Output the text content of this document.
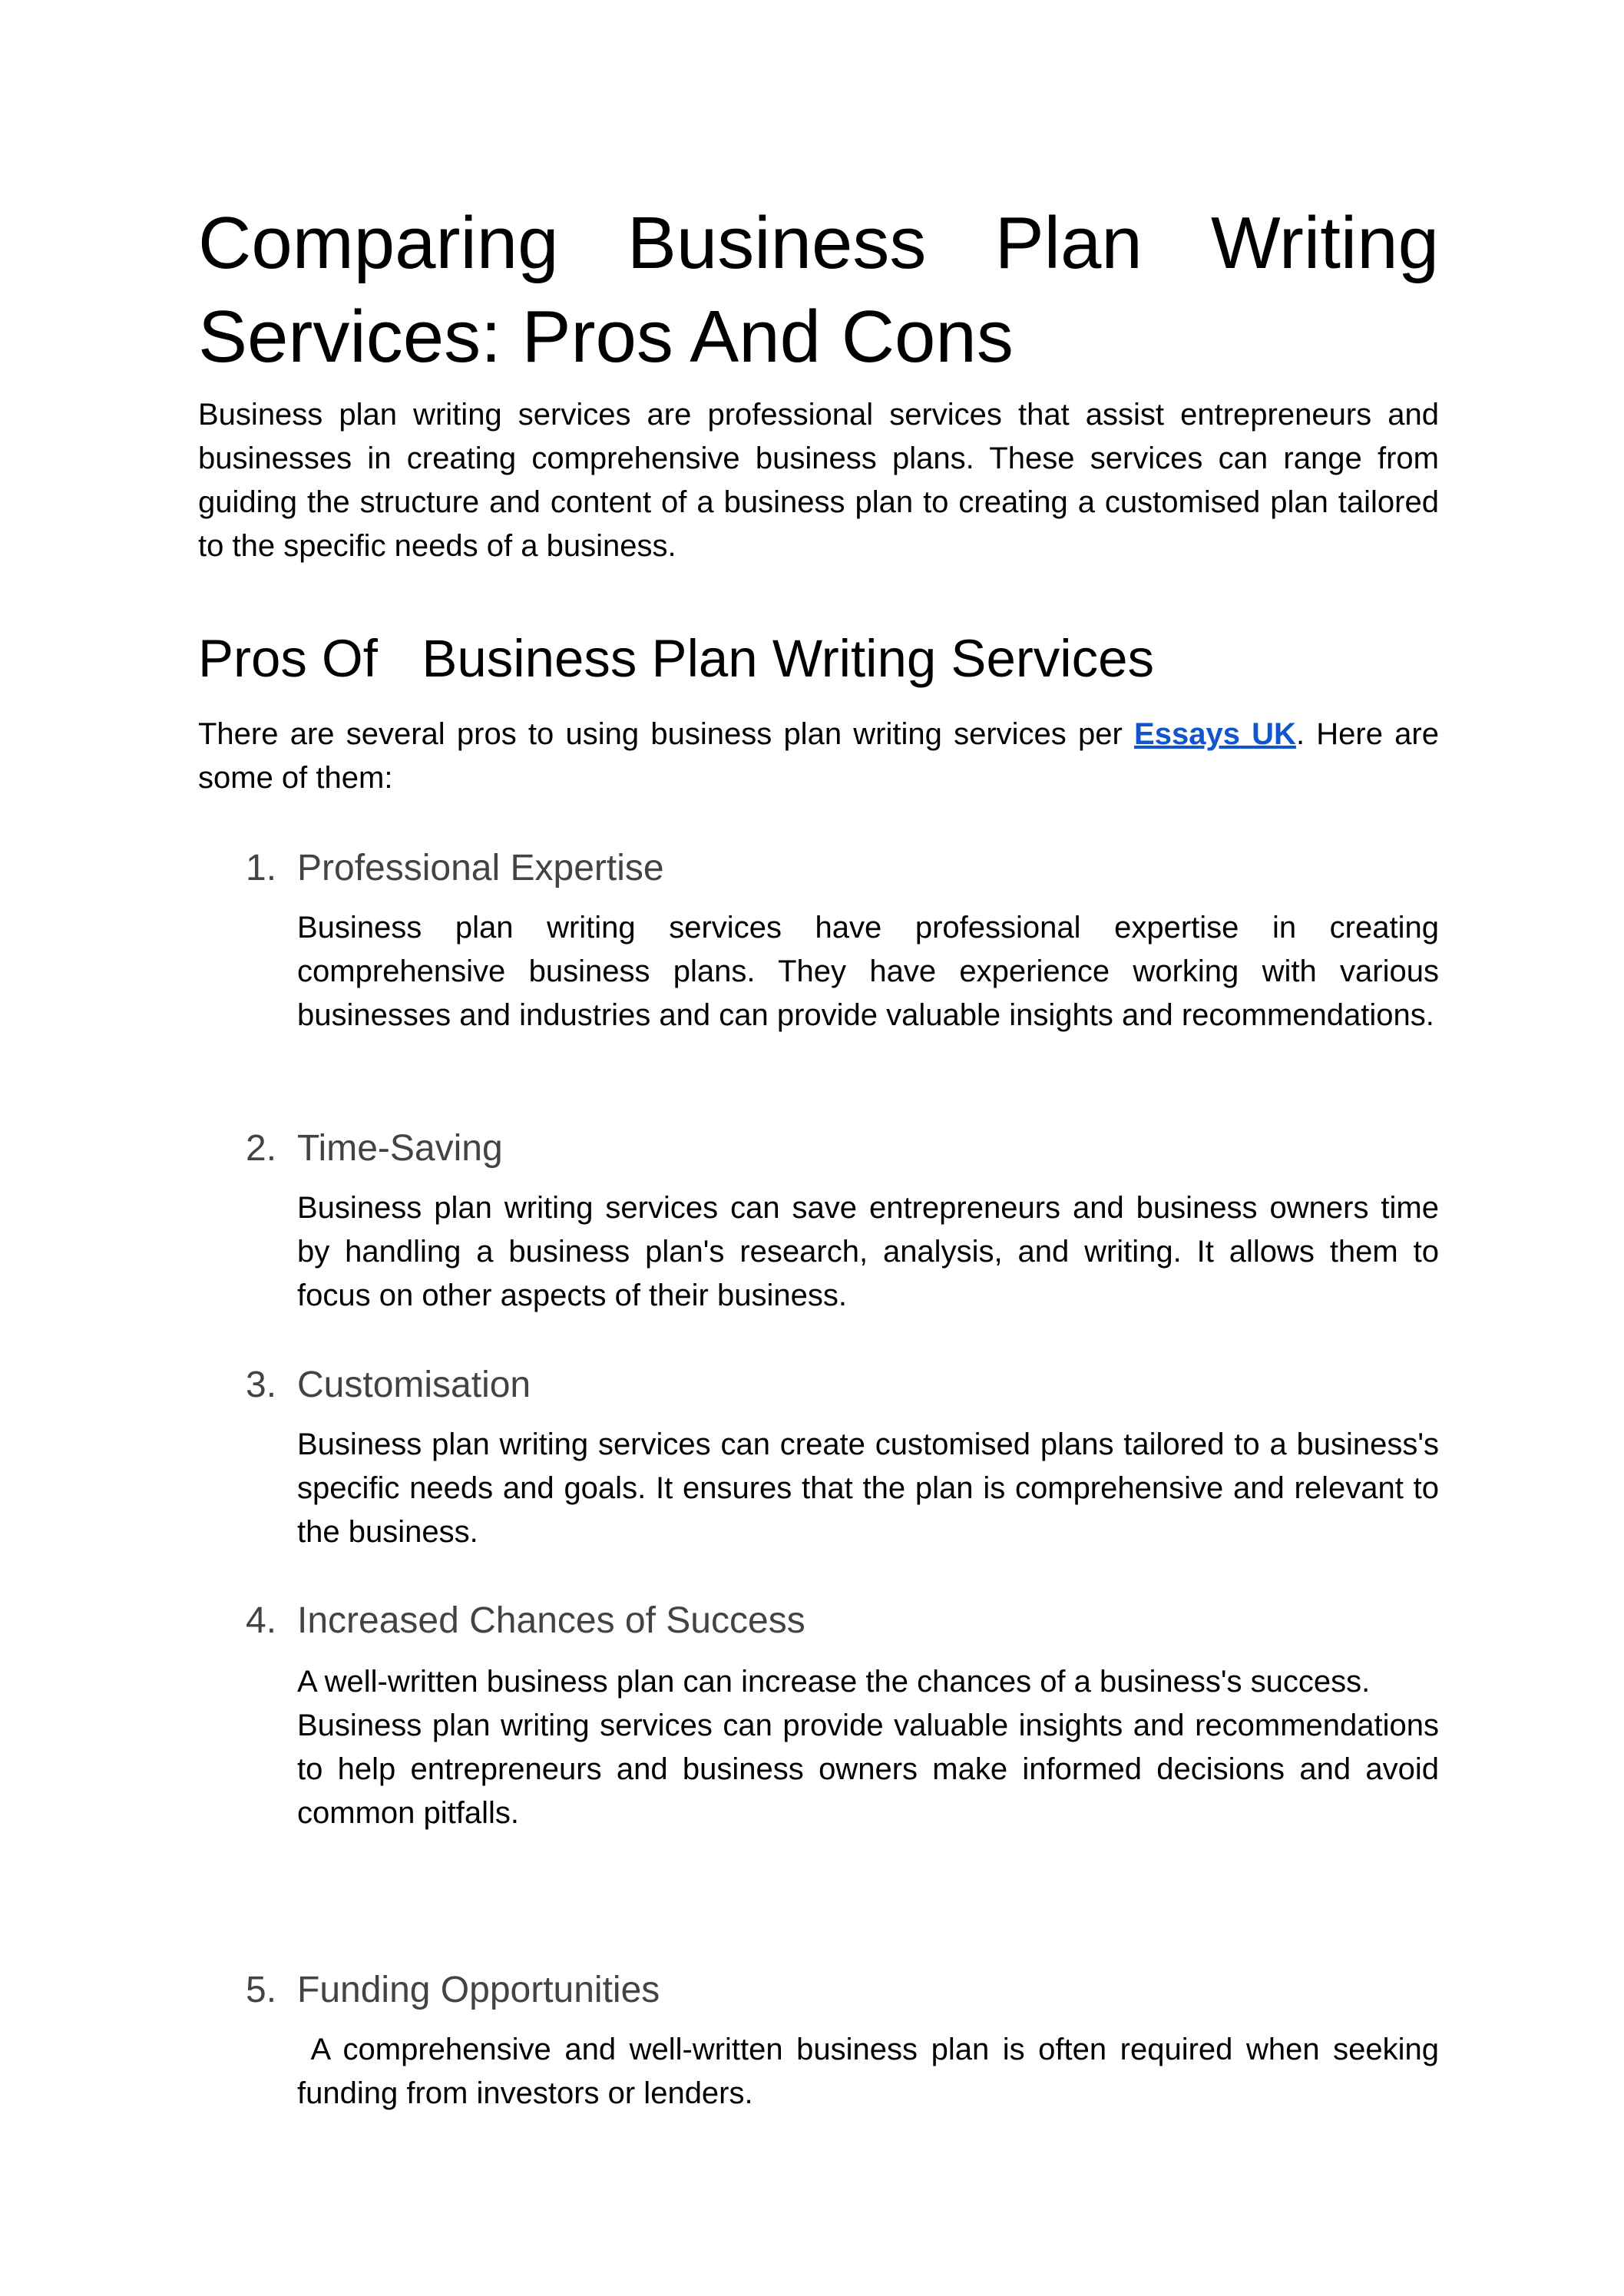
Comparing Business Plan Writing Services: Pros And Cons

Business plan writing services are professional services that assist entrepreneurs and businesses in creating comprehensive business plans. These services can range from guiding the structure and content of a business plan to creating a customised plan tailored to the specific needs of a business.

Pros Of   Business Plan Writing Services

There are several pros to using business plan writing services per Essays UK. Here are some of them:

1. Professional Expertise

Business plan writing services have professional expertise in creating comprehensive business plans. They have experience working with various businesses and industries and can provide valuable insights and recommendations.

2. Time-Saving

Business plan writing services can save entrepreneurs and business owners time by handling a business plan's research, analysis, and writing. It allows them to focus on other aspects of their business.

3. Customisation

Business plan writing services can create customised plans tailored to a business's specific needs and goals. It ensures that the plan is comprehensive and relevant to the business.

4. Increased Chances of Success

A well-written business plan can increase the chances of a business's success.

Business plan writing services can provide valuable insights and recommendations to help entrepreneurs and business owners make informed decisions and avoid common pitfalls.

5. Funding Opportunities

A comprehensive and well-written business plan is often required when seeking funding from investors or lenders.
